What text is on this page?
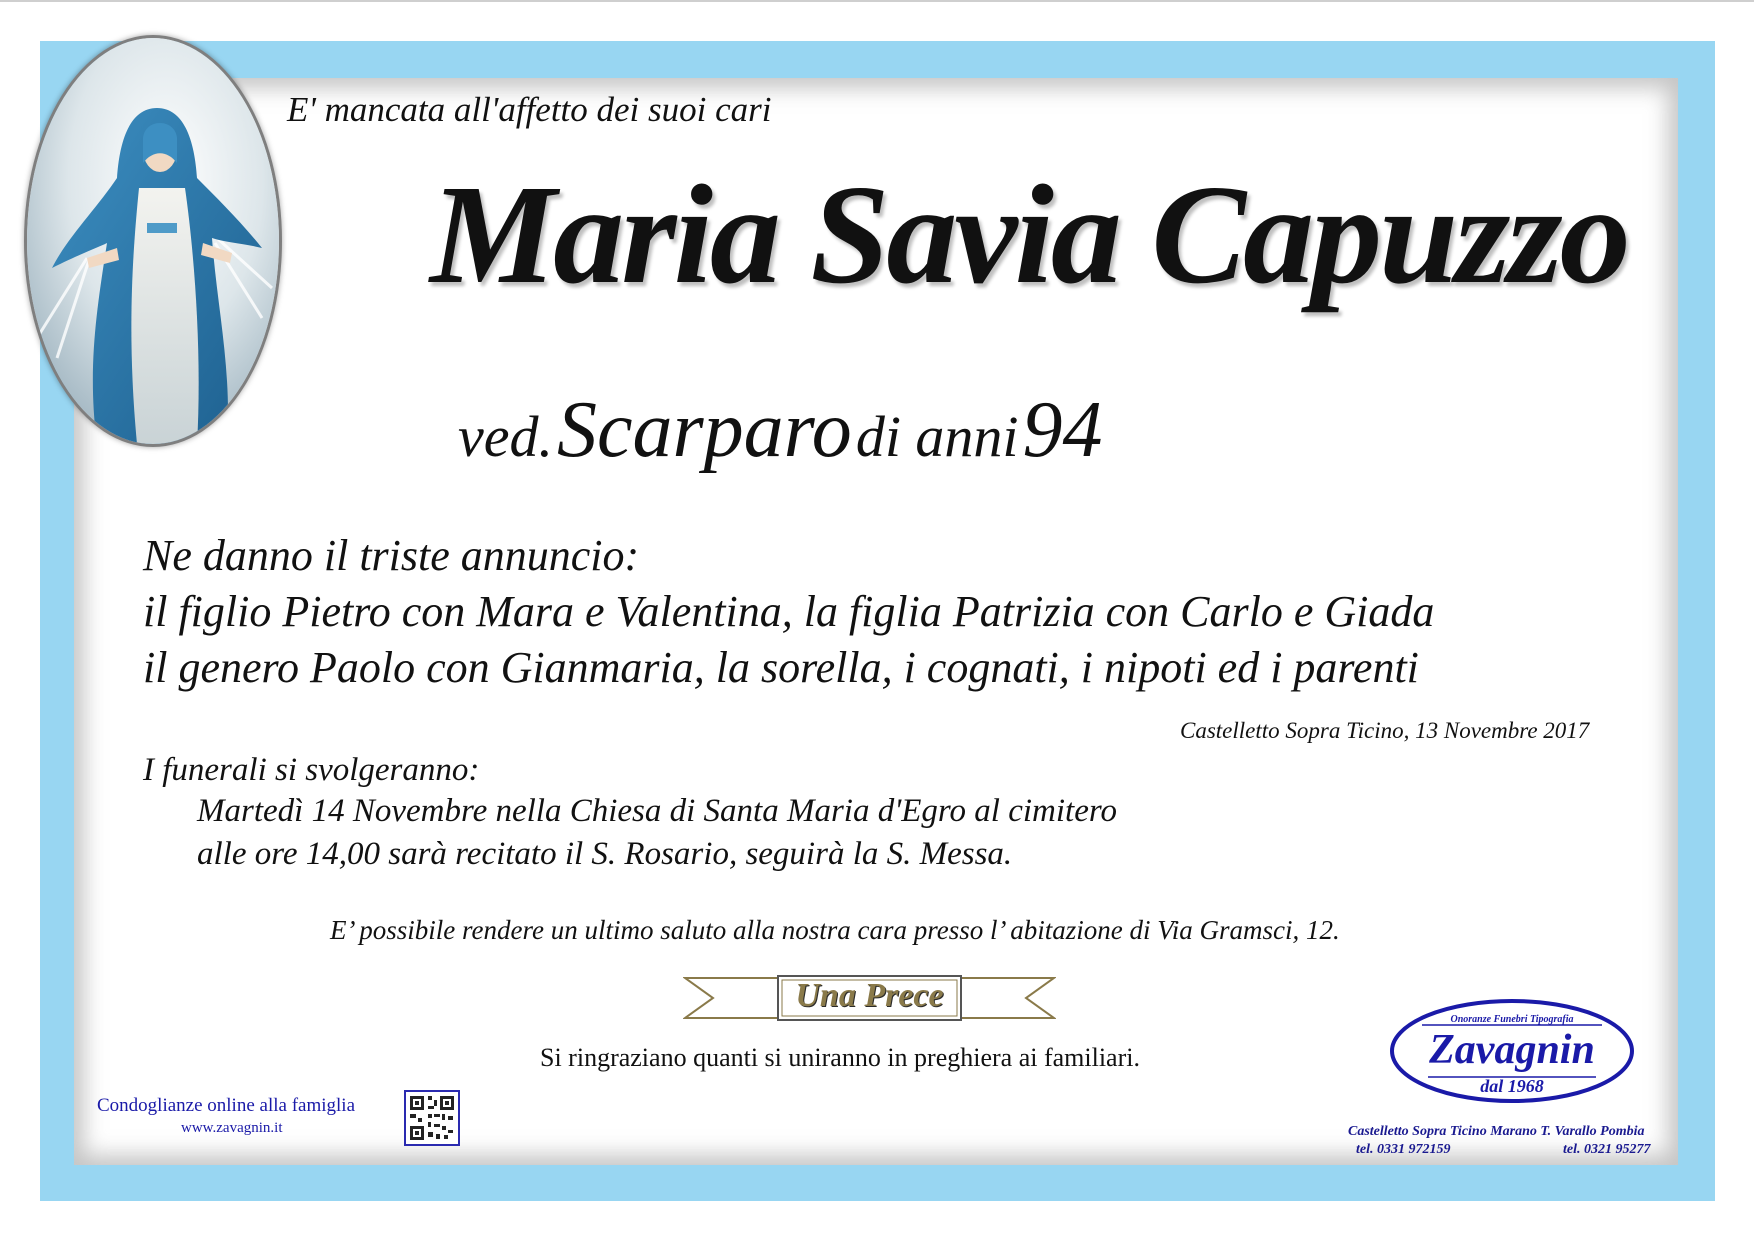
E' mancata all'affetto dei suoi cari
Maria Savia Capuzzo
ved. Scarparo di anni 94
Ne danno il triste annuncio:
il figlio Pietro con Mara e Valentina, la figlia Patrizia con Carlo e Giada
il genero Paolo con Gianmaria, la sorella, i cognati, i nipoti ed i parenti
Castelletto Sopra Ticino, 13 Novembre 2017
I funerali si svolgeranno:
Martedì 14 Novembre nella Chiesa di Santa Maria d'Egro al cimitero
alle ore 14,00 sarà recitato il S. Rosario, seguirà la S. Messa.
E’ possibile rendere un ultimo saluto alla nostra cara presso l’ abitazione di Via Gramsci, 12.
Una Prece
Si ringraziano quanti si uniranno in preghiera ai familiari.
Condoglianze online alla famiglia
www.zavagnin.it
Onoranze Funebri Tipografia
Zavagnin
dal 1968
Castelletto Sopra Ticino Marano T. Varallo Pombia
tel. 0331 972159	tel. 0321 95277
